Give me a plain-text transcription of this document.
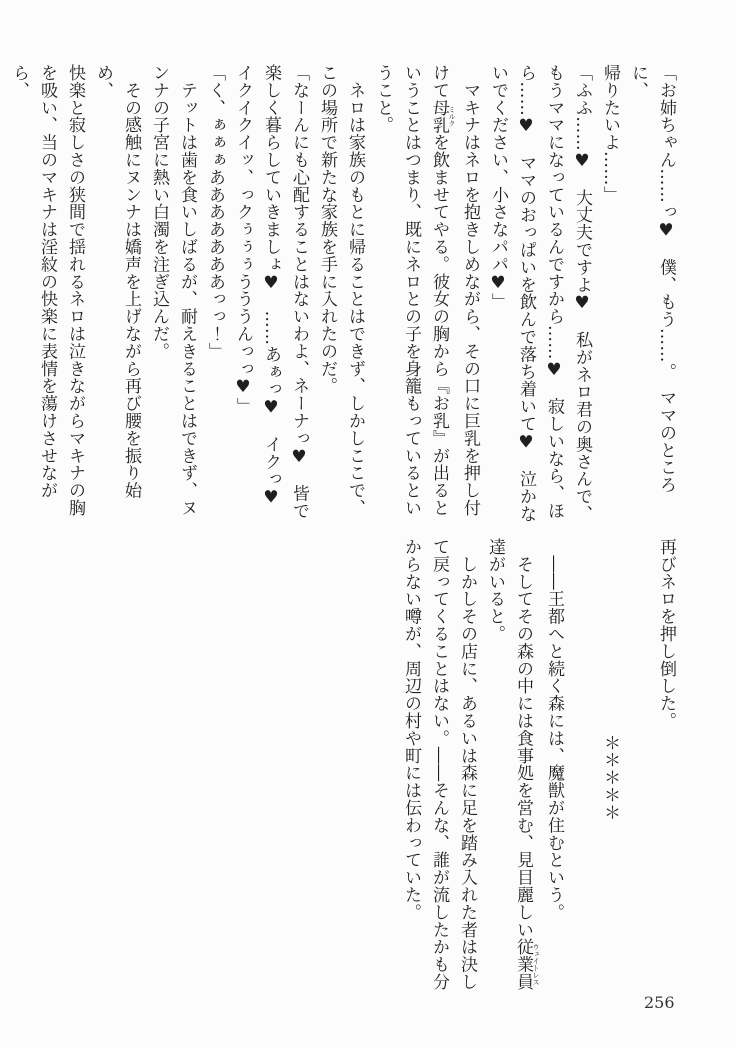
「お姉ちゃん……っ♥　僕、もう……。　ママのところに、
帰りたいよ……」
「ふふ……♥　大丈夫ですよ♥　私がネロ君の奥さんで、
もうママになっているんですから……♥　寂しいなら、ほ
ら……♥　ママのおっぱいを飲んで落ち着いて♥　泣かな
いでください、小さなパパ♥」
　マキナはネロを抱きしめながら、その口に巨乳を押し付
けて母乳 ミルクを飲ませてやる。彼女の胸から『お乳』が出ると
いうことはつまり、既にネロとの子を身籠もっているとい
うこと。
　ネロは家族のもとに帰ることはできず、しかしここで、
この場所で新たな家族を手に入れたのだ。
「なーんにも心配することはないわよ、ネーナっ♥　皆で
楽しく暮らしていきましょ♥　……あぁっ♥　イクっ♥
イクイクイッ、っクぅぅぅうううんっっ♥」
「く、ぁぁぁあああああああっっ！」
　テットは歯を食いしばるが、耐えきることはできず、ヌ
ンナの子宮に熱い白濁を注ぎ込んだ。
　その感触にヌンナは嬌声を上げながら再び腰を振り始め、
快楽と寂しさの狭間で揺れるネロは泣きながらマキナの胸
を吸い、当のマキナは淫紋の快楽に表情を蕩けさせながら、
再びネロを押し倒した。

＊＊＊＊＊

　――王都へと続く森には、魔獣が住むという。
　そしてその森の中には食事処を営む、見目麗しい従業員 ウェイトレス
達がいると。
　しかしその店に、あるいは森に足を踏み入れた者は決し
て戻ってくることはない。――そんな、誰が流したかも分
からない噂が、周辺の村や町には伝わっていた。
256
